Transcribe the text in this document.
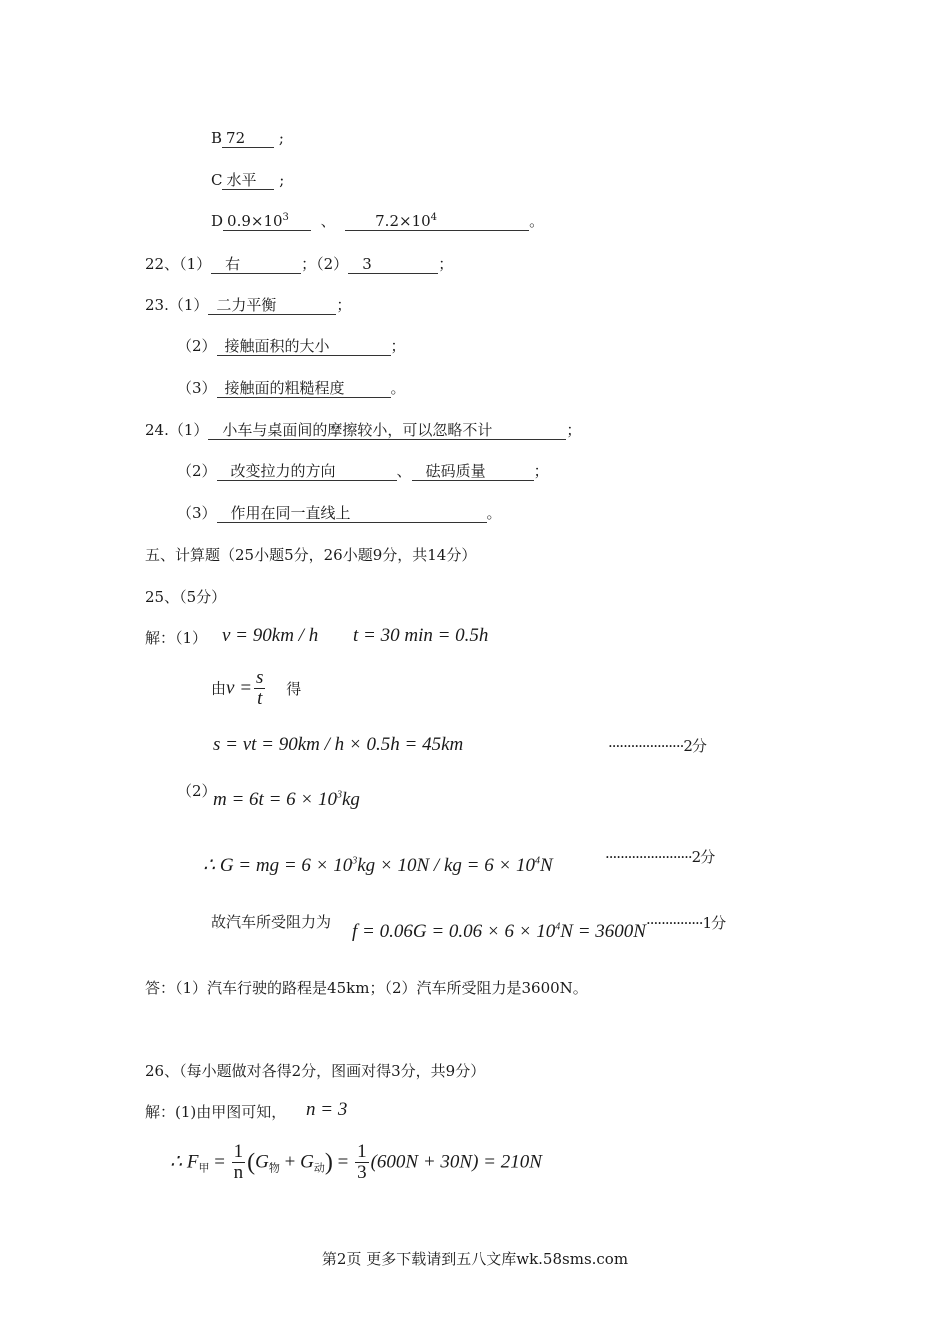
B 72 ;
C 水平 ;
D $0.9\times 10^3$ 、	$7.2\times 10^4$	。
22、（1） 右	；（2） 3	；
23.（1） 二力平衡	；
（2） 接触面积的大小	；
（3） 接触面的粗糙程度	。
24.（1） 小车与桌面间的摩擦较小，可以忽略不计	；
（2） 改变拉力的方向	、 砝码质量	；
（3） 作用在同一直线上	。
五、计算题（25小题5分，26小题9分，共14分）
25、（5分）
解：（1） v = 90km / h t = 30 min = 0.5h
由$v = \frac{s}{t}$ 得
s = vt = 90km / h × 0.5h = 45km	····················2分
（2）
$m = 6t = 6 \times 10^3kg$
∴ G = mg = $6 \times 10^3kg \times 10N$ / kg = $6 \times 10^4N$	·······················2分
故汽车所受阻力为 $f = 0.06G = 0.06 \times 6 \times 10^4N = 3600N \cdot\cdot\cdot\cdot\cdot\cdot\cdot\cdot\cdot\cdot\cdot\cdot\cdot\cdot\cdot 1$分
答：（1）汽车行驶的路程是45km；（2）汽车所受阻力是3600N。
26、（每小题做对各得2分，图画对得3分，共9分）
解：(1)由甲图可知， n = 3
∴ $F_甲 = \frac{1}{n} (G_物 + G_动) = \frac{1}{3} (600N + 30N) = 210N$
第2页 更多下载请到五八文库wk.58sms.com
